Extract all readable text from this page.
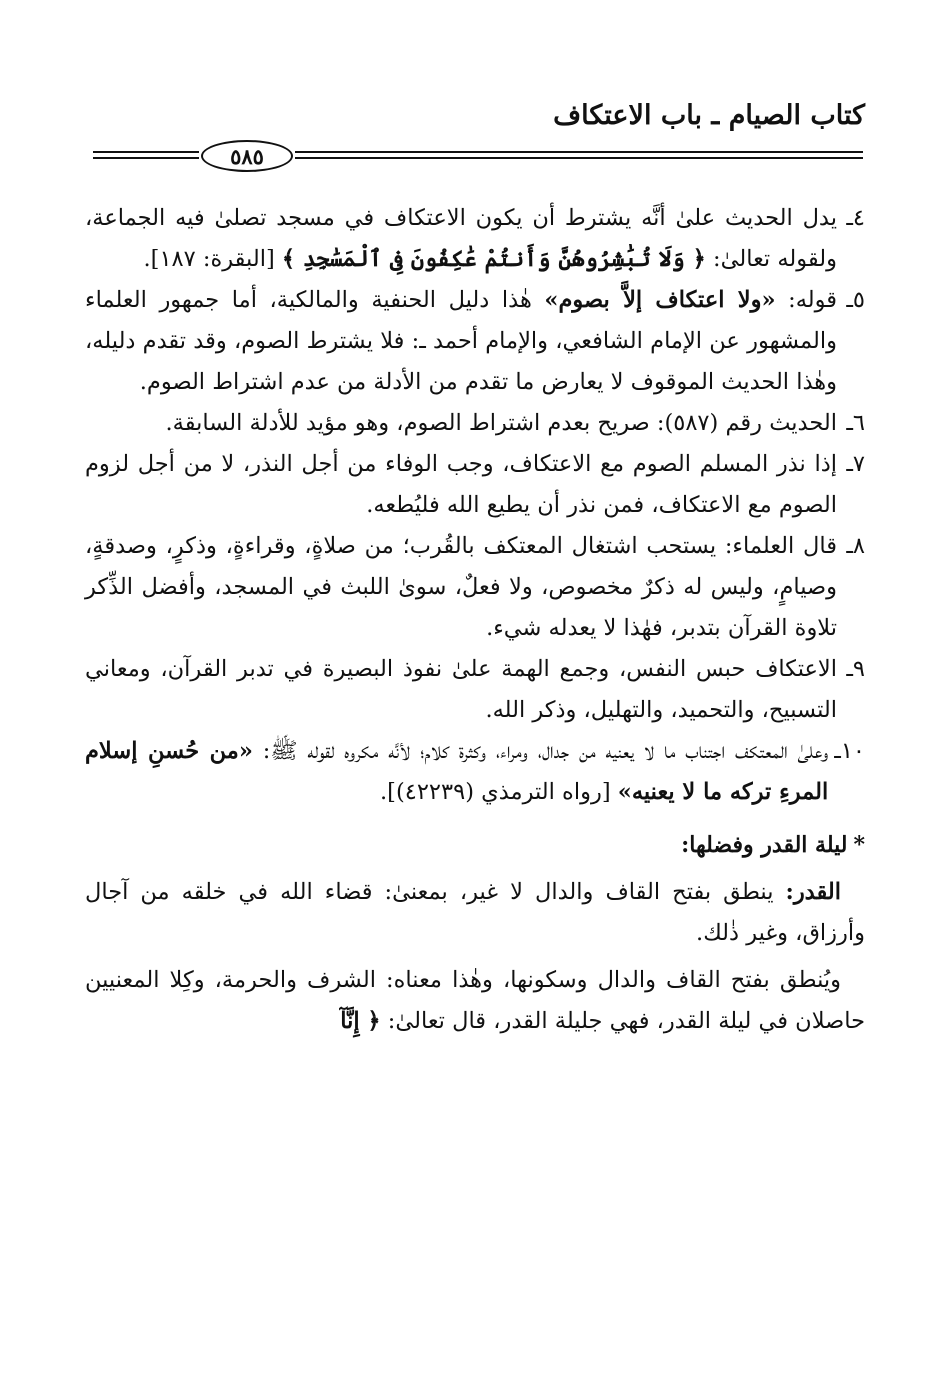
كتاب الصيام ـ باب الاعتكاف
٥٨٥
٤ـ
يدل الحديث علىٰ أنَّه يشترط أن يكون الاعتكاف في مسجد تصلىٰ فيه الجماعة، ولقوله تعالىٰ: ﴿ وَلَا تُبَٰشِرُوهُنَّ وَأَنتُمْ عَٰكِفُونَ فِى ٱلْمَسَٰجِدِ ﴾ [البقرة: ١٨٧].
٥ـ
قوله: «ولا اعتكاف إلاَّ بصوم» هٰذا دليل الحنفية والمالكية، أما جمهور العلماء والمشهور عن الإمام الشافعي، والإمام أحمد ـ: فلا يشترط الصوم، وقد تقدم دليله، وهٰذا الحديث الموقوف لا يعارض ما تقدم من الأدلة من عدم اشتراط الصوم.
٦ـ
الحديث رقم (٥٨٧): صريح بعدم اشتراط الصوم، وهو مؤيد للأدلة السابقة.
٧ـ
إذا نذر المسلم الصوم مع الاعتكاف، وجب الوفاء من أجل النذر، لا من أجل لزوم الصوم مع الاعتكاف، فمن نذر أن يطيع الله فليُطعه.
٨ـ
قال العلماء: يستحب اشتغال المعتكف بالقُرب؛ من صلاةٍ، وقراءةٍ، وذكرٍ، وصدقةٍ، وصيامٍ، وليس له ذكرٌ مخصوص، ولا فعلٌ، سوىٰ اللبث في المسجد، وأفضل الذِّكر تلاوة القرآن بتدبر، فهٰذا لا يعدله شيء.
٩ـ
الاعتكاف حبس النفس، وجمع الهمة علىٰ نفوذ البصيرة في تدبر القرآن، ومعاني التسبيح، والتحميد، والتهليل، وذكر الله.
١٠ـ
وعلىٰ المعتكف اجتناب ما لا يعنيه من جدال، ومراء، وكثرة كلام؛ لأنَّه مكروه لقوله ﷺ: «من حُسنِ إسلام المرءِ تركه ما لا يعنيه» [رواه الترمذي (٤٢٢٣٩)].
*
ليلة القدر وفضلها:

القدر: ينطق بفتح القاف والدال لا غير، بمعنىٰ: قضاء الله في خلقه من آجال وأرزاق، وغير ذٰلك.

ويُنطق بفتح القاف والدال وسكونها، وهٰذا معناه: الشرف والحرمة، وكِلا المعنيين حاصلان في ليلة القدر، فهي جليلة القدر، قال تعالىٰ: ﴿ إِنَّآ
